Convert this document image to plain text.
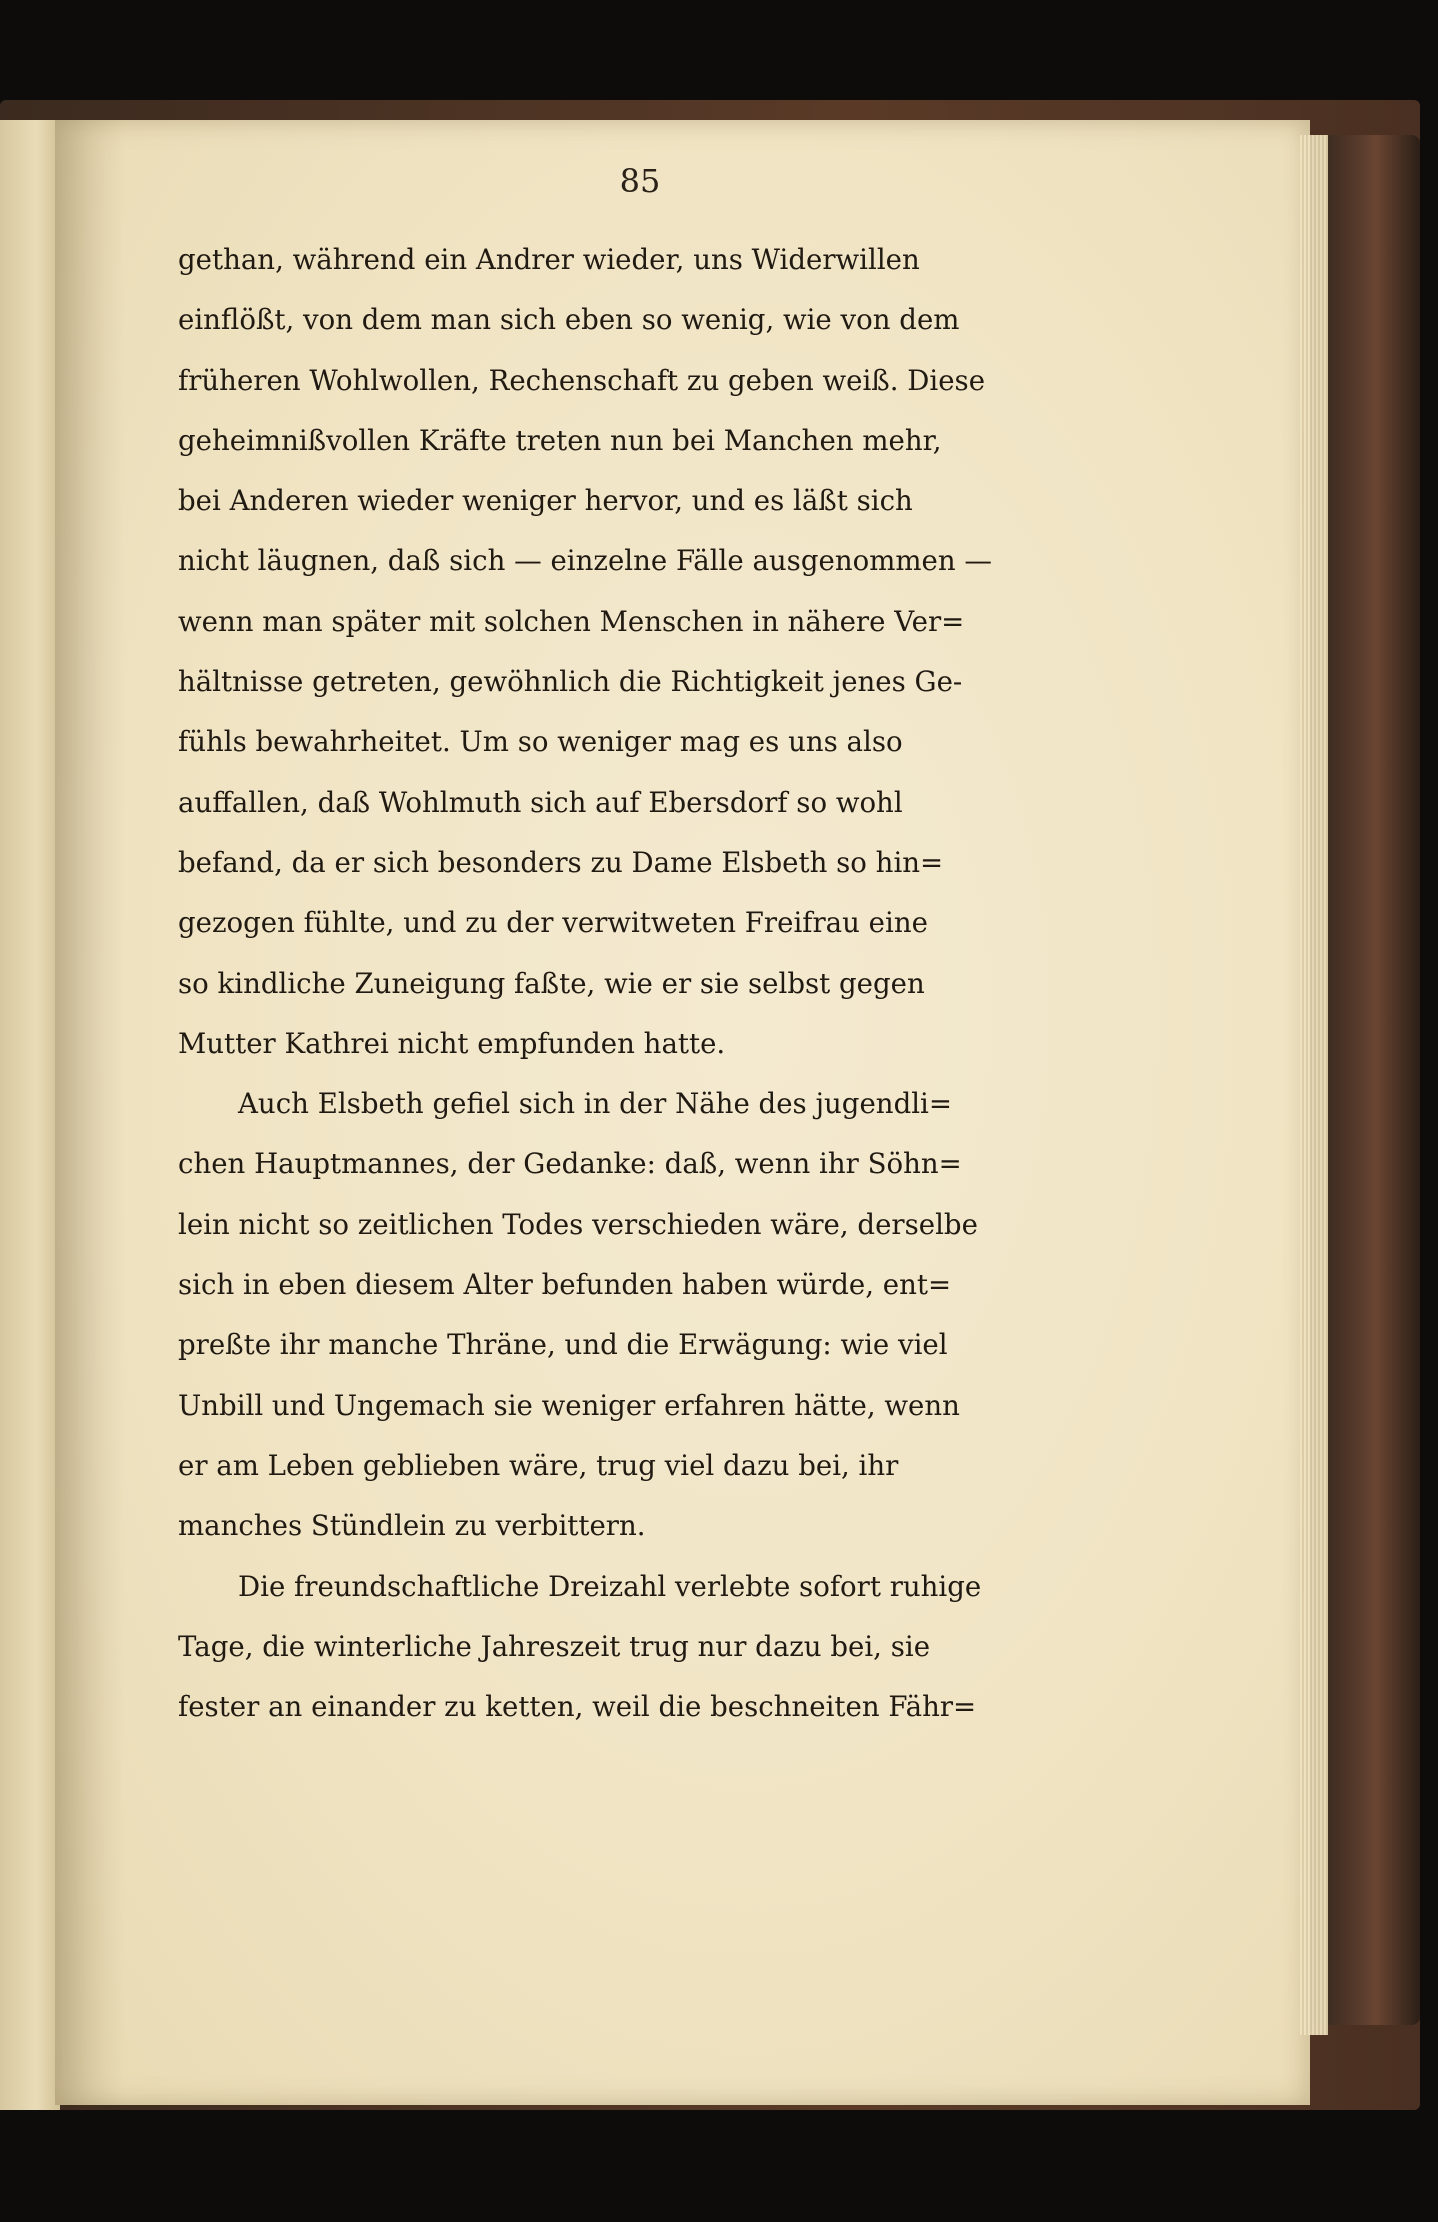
85
gethan, während ein Andrer wieder, uns Widerwillen
einflößt, von dem man sich eben so wenig, wie von dem
früheren Wohlwollen, Rechenschaft zu geben weiß. Diese
geheimnißvollen Kräfte treten nun bei Manchen mehr,
bei Anderen wieder weniger hervor, und es läßt sich
nicht läugnen, daß sich — einzelne Fälle ausgenommen —
wenn man später mit solchen Menschen in nähere Ver=
hältnisse getreten, gewöhnlich die Richtigkeit jenes Ge-
fühls bewahrheitet. Um so weniger mag es uns also
auffallen, daß Wohlmuth sich auf Ebersdorf so wohl
befand, da er sich besonders zu Dame Elsbeth so hin=
gezogen fühlte, und zu der verwitweten Freifrau eine
so kindliche Zuneigung faßte, wie er sie selbst gegen
Mutter Kathrei nicht empfunden hatte.
Auch Elsbeth gefiel sich in der Nähe des jugendli=
chen Hauptmannes, der Gedanke: daß, wenn ihr Söhn=
lein nicht so zeitlichen Todes verschieden wäre, derselbe
sich in eben diesem Alter befunden haben würde, ent=
preßte ihr manche Thräne, und die Erwägung: wie viel
Unbill und Ungemach sie weniger erfahren hätte, wenn
er am Leben geblieben wäre, trug viel dazu bei, ihr
manches Stündlein zu verbittern.
Die freundschaftliche Dreizahl verlebte sofort ruhige
Tage, die winterliche Jahreszeit trug nur dazu bei, sie
fester an einander zu ketten, weil die beschneiten Fähr=
